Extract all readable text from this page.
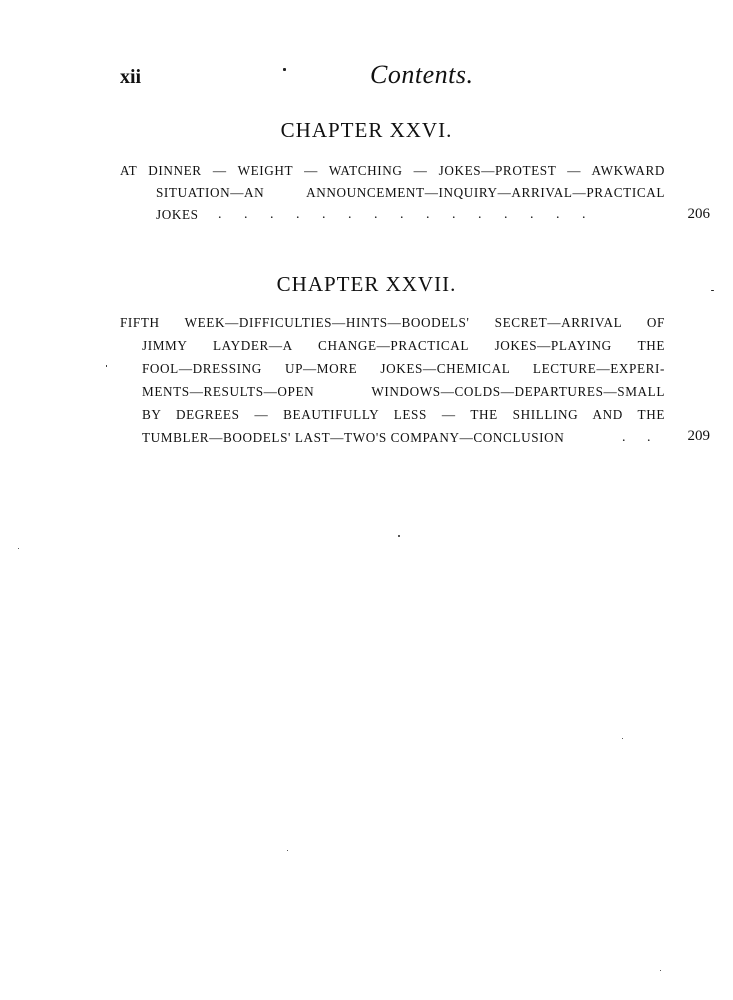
xii	Contents.
CHAPTER XXVI.
AT DINNER — WEIGHT — WATCHING — JOKES—PROTEST — AWKWARD
SITUATION—AN ANNOUNCEMENT—INQUIRY—ARRIVAL—PRACTICAL
JOKES . . . . . . . . . . . . . . .	206
CHAPTER XXVII.
FIFTH WEEK—DIFFICULTIES—HINTS—BOODELS' SECRET—ARRIVAL OF
JIMMY LAYDER—A CHANGE—PRACTICAL JOKES—PLAYING THE
FOOL—DRESSING UP—MORE JOKES—CHEMICAL LECTURE—EXPERI-
MENTS—RESULTS—OPEN WINDOWS—COLDS—DEPARTURES—SMALL
BY DEGREES — BEAUTIFULLY LESS — THE SHILLING AND THE
TUMBLER—BOODELS' LAST—TWO'S COMPANY—CONCLUSION	. .	209
